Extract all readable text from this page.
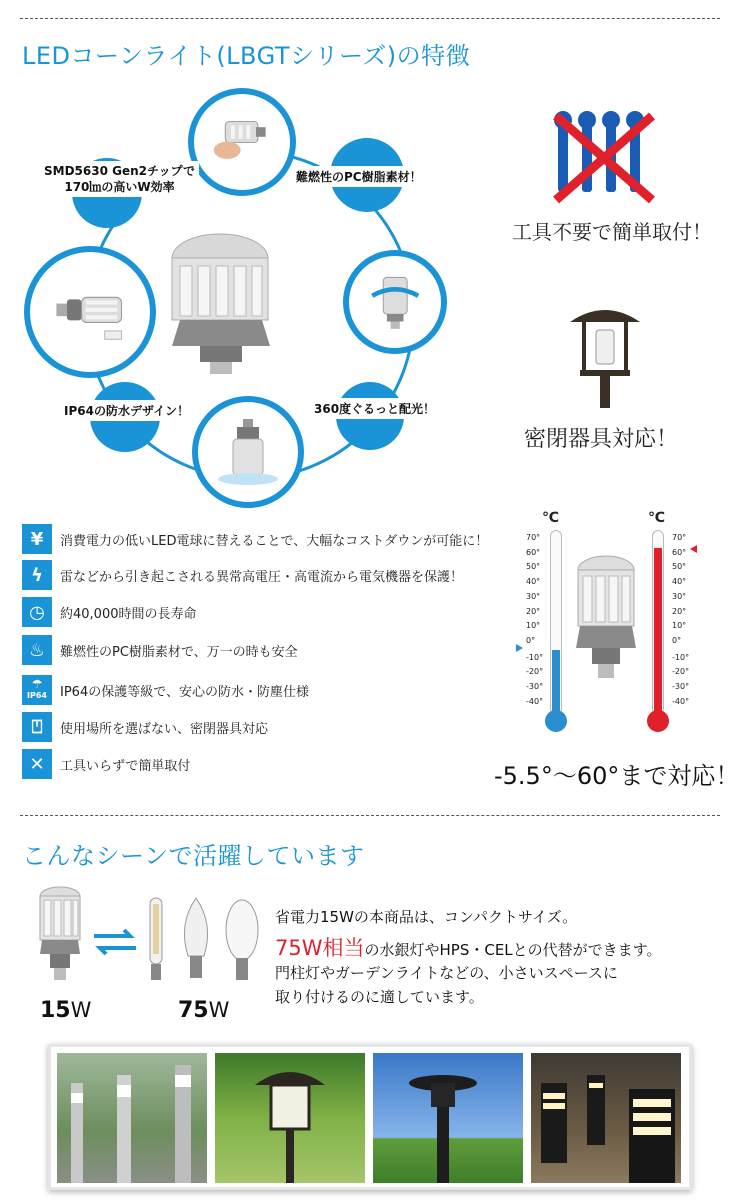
LEDコーンライト(LBGTシリーズ)の特徴
難燃性のPC樹脂素材！
SMD5630 Gen2チップで
170㏐の高いW効率
360度ぐるっと配光！
IP64の防水デザイン！
工具不要で簡単取付！
密閉器具対応！
¥	消費電力の低いLED電球に替えることで、大幅なコストダウンが可能に！
ϟ	雷などから引き起こされる異常高電圧・高電流から電気機器を保護！
◷	約40,000時間の長寿命
♨	難燃性のPC樹脂素材で、万一の時も安全
☂
IP64 IP64の保護等級で、安心の防水・防塵仕様
⍞	使用場所を選ばない、密閉器具対応
✕	工具いらずで簡単取付
℃	℃
70°
60°
50°
40°
30°
20°
10°
0°
-10°
-20°
-30°
-40°
70°
60°
50°
40°
30°
20°
10°
0°
-10°
-20°
-30°
-40°
-5.5°～60°まで対応！
こんなシーンで活躍しています
15W	75W
省電力15Wの本商品は、コンパクトサイズ。
75W相当の水銀灯やHPS・CELとの代替ができます。
門柱灯やガーデンライトなどの、小さいスペースに
取り付けるのに適しています。
